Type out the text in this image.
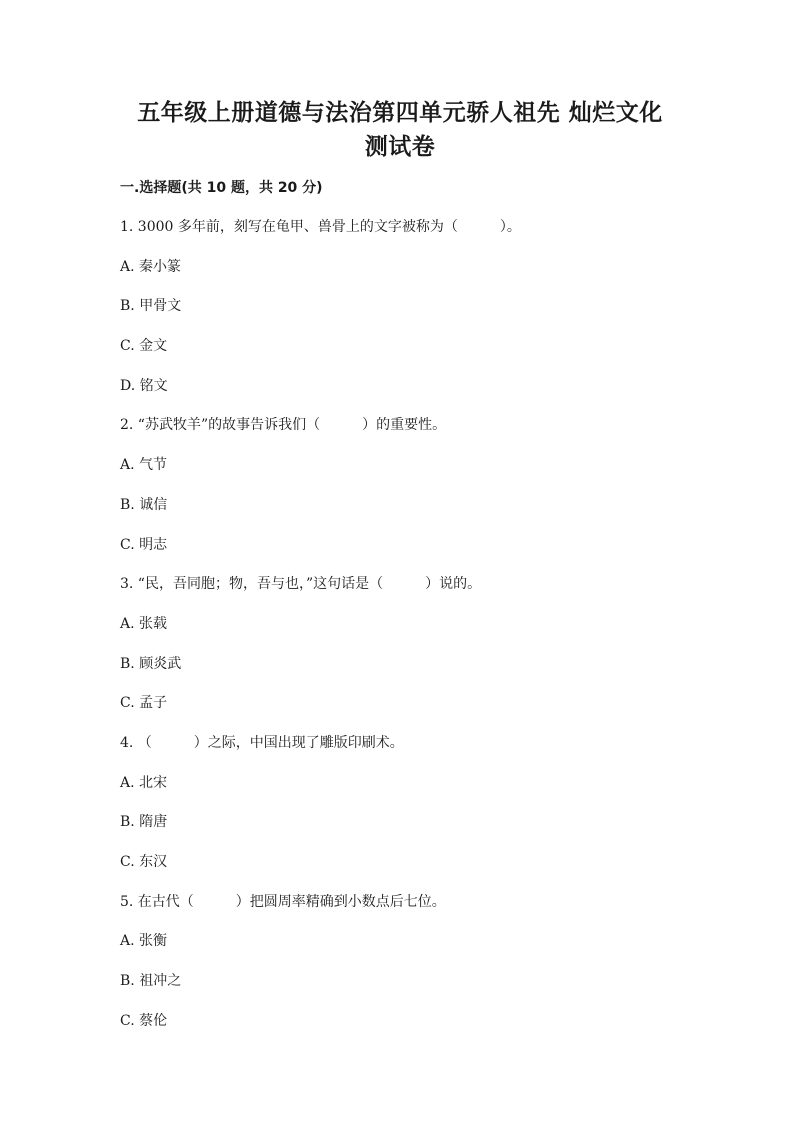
五年级上册道德与法治第四单元骄人祖先 灿烂文化
测试卷
一.选择题(共 10 题，共 20 分)
1. 3000 多年前，刻写在龟甲、兽骨上的文字被称为（　　　）。
A. 秦小篆
B. 甲骨文
C. 金文
D. 铭文
2. “苏武牧羊”的故事告诉我们（　　　）的重要性。
A. 气节
B. 诚信
C. 明志
3. “民，吾同胞；物，吾与也，”这句话是（　　　）说的。
A. 张载
B. 顾炎武
C. 孟子
4. （　　　）之际，中国出现了雕版印刷术。
A. 北宋
B. 隋唐
C. 东汉
5. 在古代（　　　）把圆周率精确到小数点后七位。
A. 张衡
B. 祖冲之
C. 蔡伦
